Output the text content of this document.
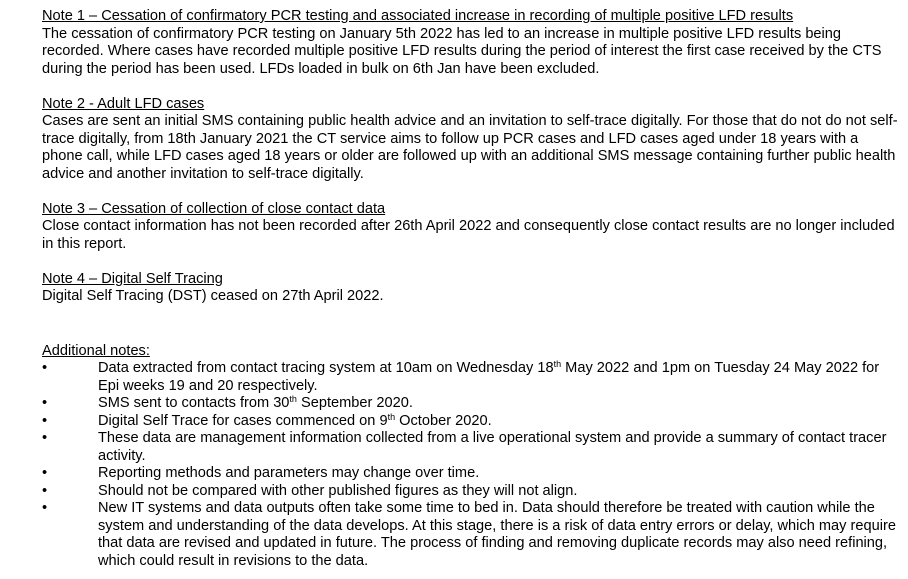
Note 1 – Cessation of confirmatory PCR testing and associated increase in recording of multiple positive LFD results

The cessation of confirmatory PCR testing on January 5th 2022 has led to an increase in multiple positive LFD results being recorded. Where cases have recorded multiple positive LFD results during the period of interest the first case received by the CTS during the period has been used. LFDs loaded in bulk on 6th Jan have been excluded.

Note 2 - Adult LFD cases

Cases are sent an initial SMS containing public health advice and an invitation to self-trace digitally. For those that do not do not self-trace digitally, from 18th January 2021 the CT service aims to follow up PCR cases and LFD cases aged under 18 years with a phone call, while LFD cases aged 18 years or older are followed up with an additional SMS message containing further public health advice and another invitation to self-trace digitally.

Note 3 – Cessation of collection of close contact data

Close contact information has not been recorded after 26th April 2022 and consequently close contact results are no longer included in this report.

Note 4 – Digital Self Tracing

Digital Self Tracing (DST) ceased on 27th April 2022.

Additional notes:

•	Data extracted from contact tracing system at 10am on Wednesday 18th May 2022 and 1pm on Tuesday 24 May 2022 for Epi weeks 19 and 20 respectively.
•	SMS sent to contacts from 30th September 2020.
•	Digital Self Trace for cases commenced on 9th October 2020.
•	These data are management information collected from a live operational system and provide a summary of contact tracer activity.
•	Reporting methods and parameters may change over time.
•	Should not be compared with other published figures as they will not align.
•	New IT systems and data outputs often take some time to bed in. Data should therefore be treated with caution while the system and understanding of the data develops. At this stage, there is a risk of data entry errors or delay, which may require that data are revised and updated in future. The process of finding and removing duplicate records may also need refining, which could result in revisions to the data.
